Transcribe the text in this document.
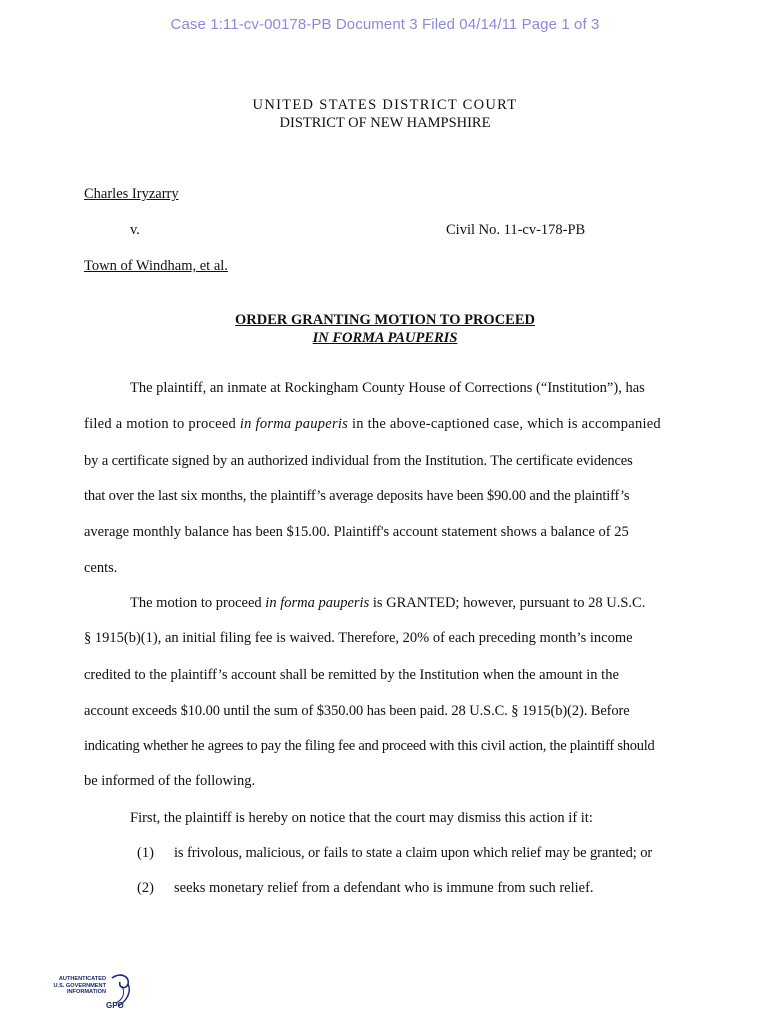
Case 1:11-cv-00178-PB Document 3 Filed 04/14/11 Page 1 of 3
UNITED STATES DISTRICT COURT
DISTRICT OF NEW HAMPSHIRE
Charles Iryzarry
v.	Civil No. 11-cv-178-PB
Town of Windham, et al.
ORDER GRANTING MOTION TO PROCEED
IN FORMA PAUPERIS
The plaintiff, an inmate at Rockingham County House of Corrections (“Institution”), has
filed a motion to proceed in forma pauperis in the above-captioned case, which is accompanied
by a certificate signed by an authorized individual from the Institution. The certificate evidences
that over the last six months, the plaintiff’s average deposits have been $90.00 and the plaintiff’s
average monthly balance has been $15.00. Plaintiff's account statement shows a balance of 25
cents.
The motion to proceed in forma pauperis is GRANTED; however, pursuant to 28 U.S.C.
§ 1915(b)(1), an initial filing fee is waived. Therefore, 20% of each preceding month’s income
credited to the plaintiff’s account shall be remitted by the Institution when the amount in the
account exceeds $10.00 until the sum of $350.00 has been paid. 28 U.S.C. § 1915(b)(2). Before
indicating whether he agrees to pay the filing fee and proceed with this civil action, the plaintiff should
be informed of the following.
First, the plaintiff is hereby on notice that the court may dismiss this action if it:
(1) is frivolous, malicious, or fails to state a claim upon which relief may be granted; or
(2) seeks monetary relief from a defendant who is immune from such relief.
AUTHENTICATED
U.S. GOVERNMENT
INFORMATION
GPO
